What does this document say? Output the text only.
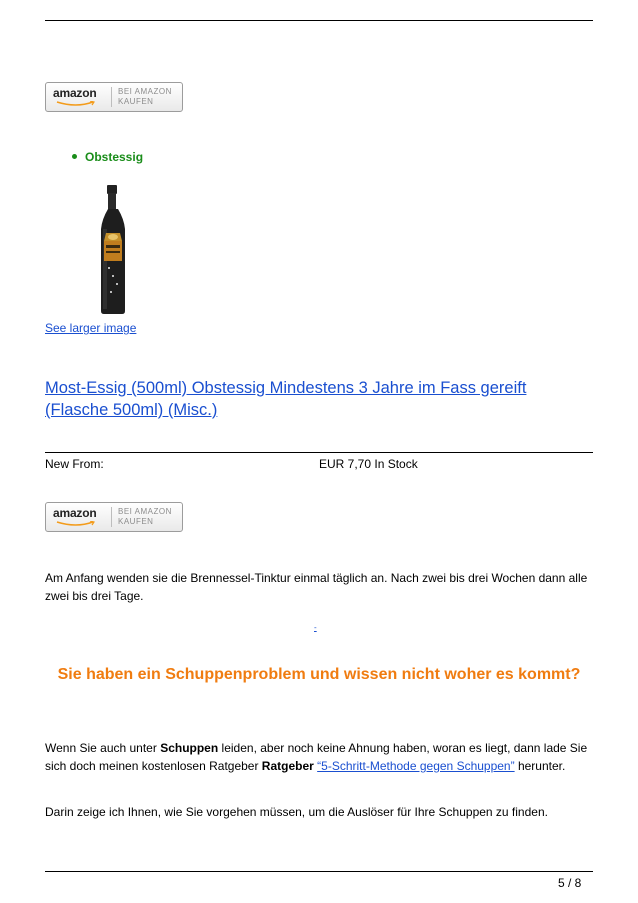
amazon	BEI AMAZON
KAUFEN
Obstessig
See larger image
Most-Essig (500ml) Obstessig Mindestens 3 Jahre im Fass gereift (Flasche 500ml) (Misc.)
New From:	EUR 7,70 In Stock
amazon	BEI AMAZON
KAUFEN
Am Anfang wenden sie die Brennessel-Tinktur einmal täglich an. Nach zwei bis drei Wochen dann alle zwei bis drei Tage.
-
Sie haben ein Schuppenproblem und wissen nicht woher es kommt?
Wenn Sie auch unter Schuppen leiden, aber noch keine Ahnung haben, woran es liegt, dann lade Sie sich doch meinen kostenlosen Ratgeber Ratgeber “5-Schritt-Methode gegen Schuppen” herunter.
Darin zeige ich Ihnen, wie Sie vorgehen müssen, um die Auslöser für Ihre Schuppen zu finden.
5 / 8
